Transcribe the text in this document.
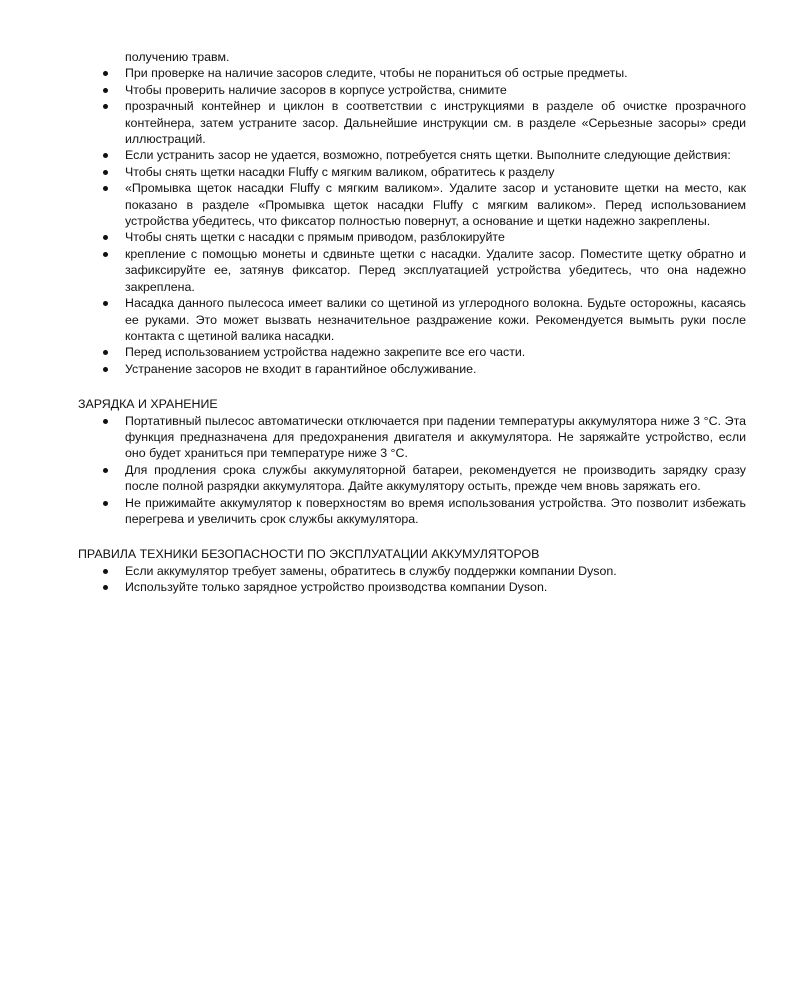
получению травм.
При проверке на наличие засоров следите, чтобы не пораниться об острые предметы.
Чтобы проверить наличие засоров в корпусе устройства, снимите
прозрачный контейнер и циклон в соответствии с инструкциями в разделе об очистке прозрачного контейнера, затем устраните засор. Дальнейшие инструкции см. в разделе «Серьезные засоры» среди иллюстраций.
Если устранить засор не удается, возможно, потребуется снять щетки. Выполните следующие действия:
Чтобы снять щетки насадки Fluffy с мягким валиком, обратитесь к разделу
«Промывка щеток насадки Fluffy с мягким валиком». Удалите засор и установите щетки на место, как показано в разделе «Промывка щеток насадки Fluffy с мягким валиком». Перед использованием устройства убедитесь, что фиксатор полностью повернут, а основание и щетки надежно закреплены.
Чтобы снять щетки с насадки с прямым приводом, разблокируйте
крепление с помощью монеты и сдвиньте щетки с насадки. Удалите засор. Поместите щетку обратно и зафиксируйте ее, затянув фиксатор. Перед эксплуатацией устройства убедитесь, что она надежно закреплена.
Насадка данного пылесоса имеет валики со щетиной из углеродного волокна. Будьте осторожны, касаясь ее руками. Это может вызвать незначительное раздражение кожи. Рекомендуется вымыть руки после контакта с щетиной валика насадки.
Перед использованием устройства надежно закрепите все его части.
Устранение засоров не входит в гарантийное обслуживание.
ЗАРЯДКА И ХРАНЕНИЕ
Портативный пылесос автоматически отключается при падении температуры аккумулятора ниже 3 °C. Эта функция предназначена для предохранения двигателя и аккумулятора. Не заряжайте устройство, если оно будет храниться при температуре ниже 3 °C.
Для продления срока службы аккумуляторной батареи, рекомендуется не производить зарядку сразу после полной разрядки аккумулятора. Дайте аккумулятору остыть, прежде чем вновь заряжать его.
Не прижимайте аккумулятор к поверхностям во время использования устройства. Это позволит избежать перегрева и увеличить срок службы аккумулятора.
ПРАВИЛА ТЕХНИКИ БЕЗОПАСНОСТИ ПО ЭКСПЛУАТАЦИИ АККУМУЛЯТОРОВ
Если аккумулятор требует замены, обратитесь в службу поддержки компании Dyson.
Используйте только зарядное устройство производства компании Dyson.
